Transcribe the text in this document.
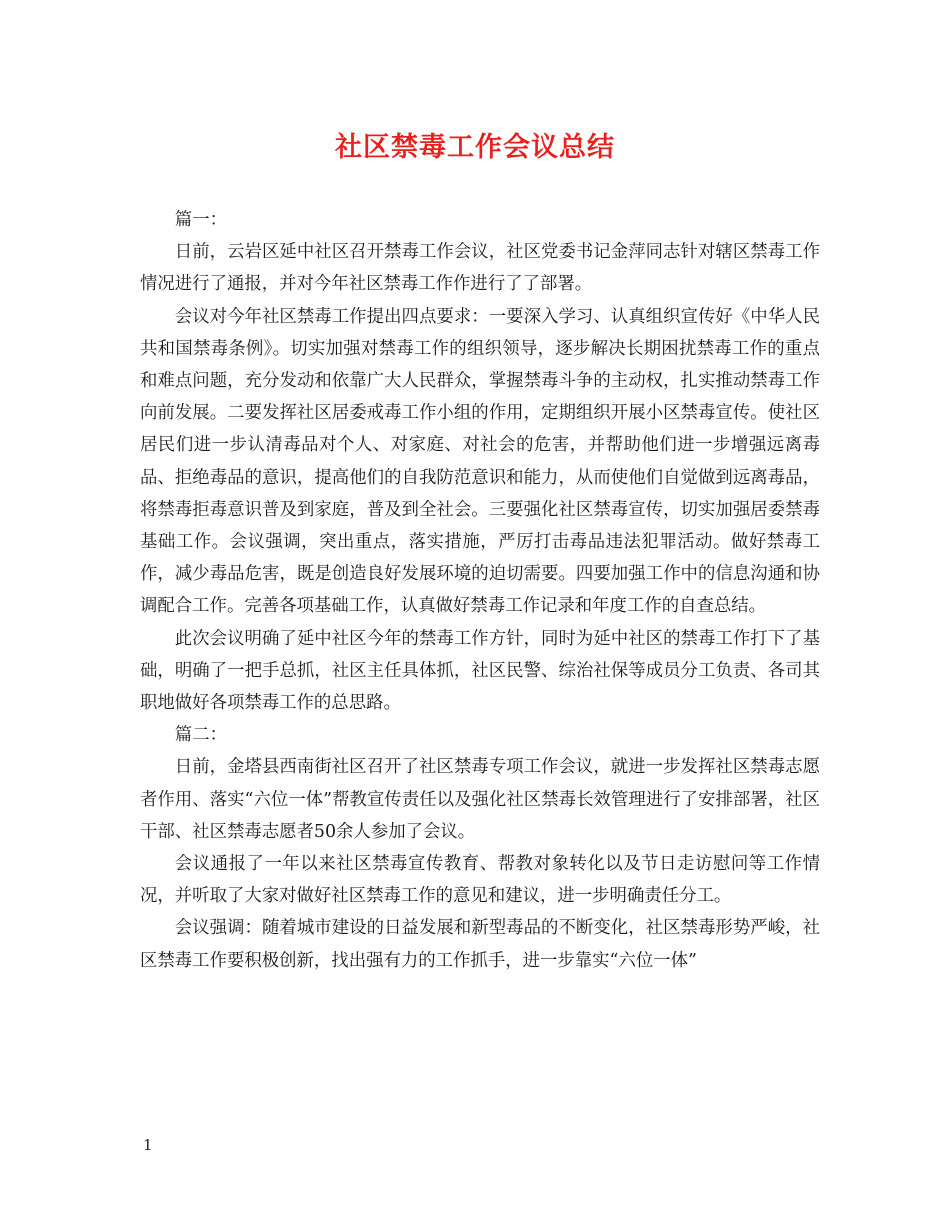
社区禁毒工作会议总结

篇一：

日前，云岩区延中社区召开禁毒工作会议，社区党委书记金萍同志针对辖区禁毒工作情况进行了通报，并对今年社区禁毒工作作进行了了部署。

会议对今年社区禁毒工作提出四点要求：一要深入学习、认真组织宣传好《中华人民共和国禁毒条例》。切实加强对禁毒工作的组织领导，逐步解决长期困扰禁毒工作的重点和难点问题，充分发动和依靠广大人民群众，掌握禁毒斗争的主动权，扎实推动禁毒工作向前发展。二要发挥社区居委戒毒工作小组的作用，定期组织开展小区禁毒宣传。使社区居民们进一步认清毒品对个人、对家庭、对社会的危害，并帮助他们进一步增强远离毒品、拒绝毒品的意识，提高他们的自我防范意识和能力，从而使他们自觉做到远离毒品，将禁毒拒毒意识普及到家庭，普及到全社会。三要强化社区禁毒宣传，切实加强居委禁毒基础工作。会议强调，突出重点，落实措施，严厉打击毒品违法犯罪活动。做好禁毒工作，减少毒品危害，既是创造良好发展环境的迫切需要。四要加强工作中的信息沟通和协调配合工作。完善各项基础工作，认真做好禁毒工作记录和年度工作的自查总结。

此次会议明确了延中社区今年的禁毒工作方针，同时为延中社区的禁毒工作打下了基础，明确了一把手总抓，社区主任具体抓，社区民警、综治社保等成员分工负责、各司其职地做好各项禁毒工作的总思路。

篇二：

日前，金塔县西南街社区召开了社区禁毒专项工作会议，就进一步发挥社区禁毒志愿者作用、落实“六位一体”帮教宣传责任以及强化社区禁毒长效管理进行了安排部署，社区干部、社区禁毒志愿者50余人参加了会议。

会议通报了一年以来社区禁毒宣传教育、帮教对象转化以及节日走访慰问等工作情况，并听取了大家对做好社区禁毒工作的意见和建议，进一步明确责任分工。

会议强调：随着城市建设的日益发展和新型毒品的不断变化，社区禁毒形势严峻，社区禁毒工作要积极创新，找出强有力的工作抓手，进一步靠实“六位一体”

1
